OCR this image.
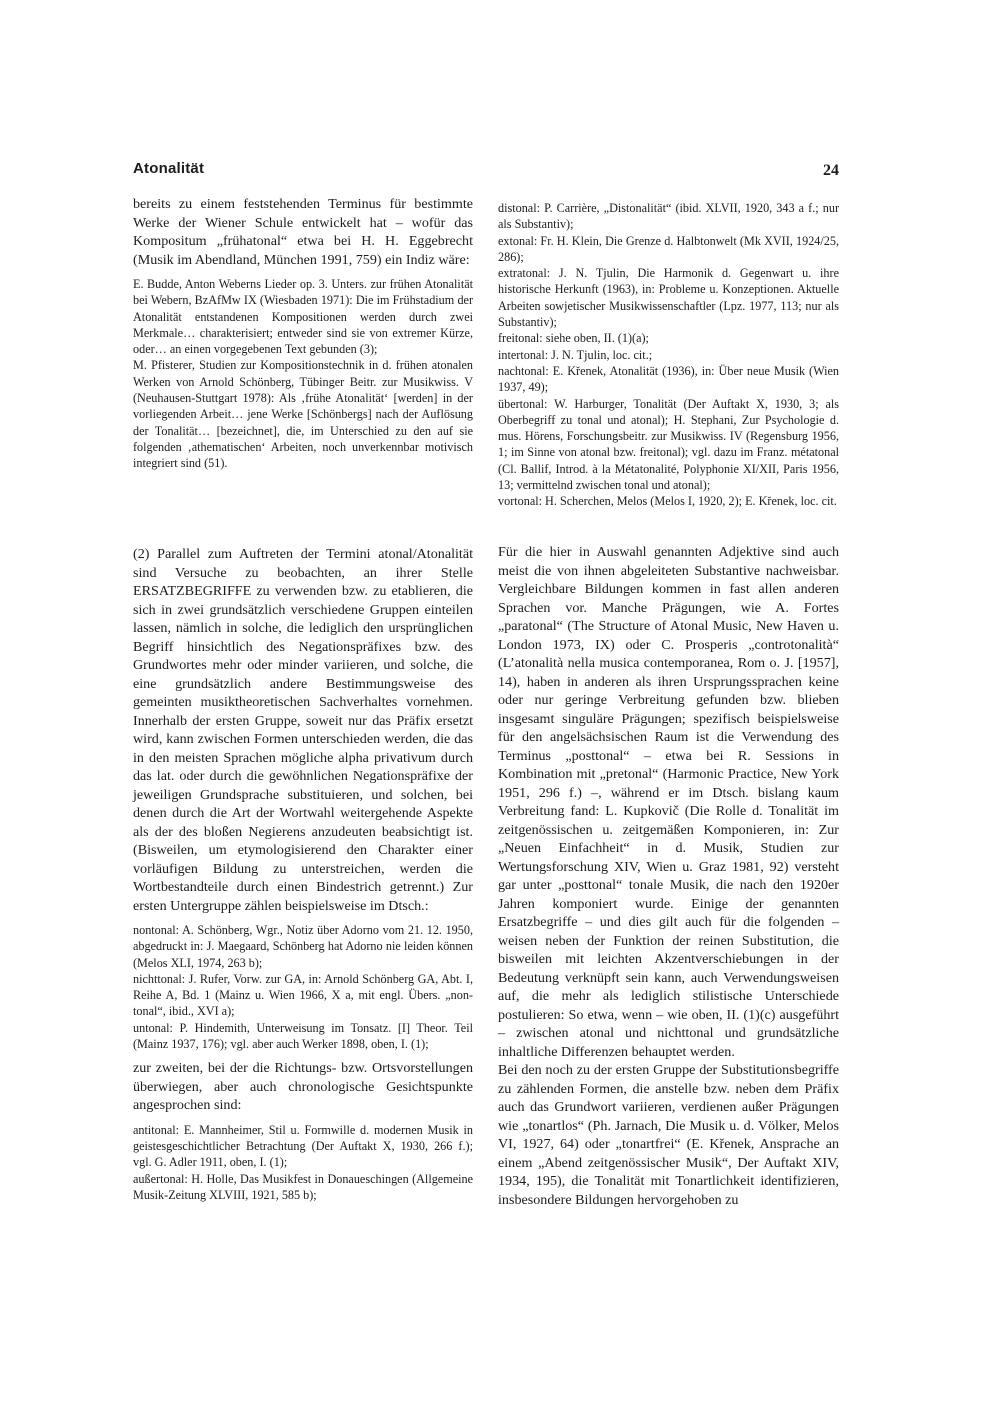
Atonalität	24

bereits zu einem feststehenden Terminus für bestimmte Werke der Wiener Schule entwickelt hat – wofür das Kompositum „frühatonal“ etwa bei H. H. Eggebrecht (Musik im Abendland, München 1991, 759) ein Indiz wäre:

E. Budde, Anton Weberns Lieder op. 3. Unters. zur frühen Atonalität bei Webern, BzAfMw IX (Wiesbaden 1971): Die im Frühstadium der Atonalität entstandenen Kompositionen werden durch zwei Merkmale… charakterisiert; entweder sind sie von extremer Kürze, oder… an einen vorgegebenen Text gebunden (3);

M. Pfisterer, Studien zur Kompositionstechnik in d. frühen atonalen Werken von Arnold Schönberg, Tübinger Beitr. zur Musikwiss. V (Neuhausen-Stuttgart 1978): Als ‚frühe Atonalität‘ [werden] in der vorliegenden Arbeit… jene Werke [Schönbergs] nach der Auflösung der Tonalität… [bezeichnet], die, im Unterschied zu den auf sie folgenden ‚athematischen‘ Arbeiten, noch unverkennbar motivisch integriert sind (51).

(2) Parallel zum Auftreten der Termini atonal/Atonalität sind Versuche zu beobachten, an ihrer Stelle ERSATZBEGRIFFE zu verwenden bzw. zu etablieren, die sich in zwei grundsätzlich verschiedene Gruppen einteilen lassen, nämlich in solche, die lediglich den ursprünglichen Begriff hinsichtlich des Negationspräfixes bzw. des Grundwortes mehr oder minder variieren, und solche, die eine grundsätzlich andere Bestimmungsweise des gemeinten musiktheoretischen Sachverhaltes vornehmen. Innerhalb der ersten Gruppe, soweit nur das Präfix ersetzt wird, kann zwischen Formen unterschieden werden, die das in den meisten Sprachen mögliche alpha privativum durch das lat. oder durch die gewöhnlichen Negationspräfixe der jeweiligen Grundsprache substituieren, und solchen, bei denen durch die Art der Wortwahl weitergehende Aspekte als der des bloßen Negierens anzudeuten beabsichtigt ist. (Bisweilen, um etymologisierend den Charakter einer vorläufigen Bildung zu unterstreichen, werden die Wortbestandteile durch einen Bindestrich getrennt.) Zur ersten Untergruppe zählen beispielsweise im Dtsch.:

nontonal: A. Schönberg, Wgr., Notiz über Adorno vom 21. 12. 1950, abgedruckt in: J. Maegaard, Schönberg hat Adorno nie leiden können (Melos XLI, 1974, 263 b);

nichttonal: J. Rufer, Vorw. zur GA, in: Arnold Schönberg GA, Abt. I, Reihe A, Bd. 1 (Mainz u. Wien 1966, X a, mit engl. Übers. „non-tonal“, ibid., XVI a);

untonal: P. Hindemith, Unterweisung im Tonsatz. [I] Theor. Teil (Mainz 1937, 176); vgl. aber auch Werker 1898, oben, I. (1);

zur zweiten, bei der die Richtungs- bzw. Ortsvorstellungen überwiegen, aber auch chronologische Gesichtspunkte angesprochen sind:

antitonal: E. Mannheimer, Stil u. Formwille d. modernen Musik in geistesgeschichtlicher Betrachtung (Der Auftakt X, 1930, 266 f.); vgl. G. Adler 1911, oben, I. (1);

außertonal: H. Holle, Das Musikfest in Donaueschingen (Allgemeine Musik-Zeitung XLVIII, 1921, 585 b);

distonal: P. Carrière, „Distonalität“ (ibid. XLVII, 1920, 343 a f.; nur als Substantiv);

extonal: Fr. H. Klein, Die Grenze d. Halbtonwelt (Mk XVII, 1924/25, 286);

extratonal: J. N. Tjulin, Die Harmonik d. Gegenwart u. ihre historische Herkunft (1963), in: Probleme u. Konzeptionen. Aktuelle Arbeiten sowjetischer Musikwissenschaftler (Lpz. 1977, 113; nur als Substantiv);

freitonal: siehe oben, II. (1)(a);

intertonal: J. N. Tjulin, loc. cit.;

nachtonal: E. Křenek, Atonalität (1936), in: Über neue Musik (Wien 1937, 49);

übertonal: W. Harburger, Tonalität (Der Auftakt X, 1930, 3; als Oberbegriff zu tonal und atonal); H. Stephani, Zur Psychologie d. mus. Hörens, Forschungsbeitr. zur Musikwiss. IV (Regensburg 1956, 1; im Sinne von atonal bzw. freitonal); vgl. dazu im Franz. métatonal (Cl. Ballif, Introd. à la Métatonalité, Polyphonie XI/XII, Paris 1956, 13; vermittelnd zwischen tonal und atonal);

vortonal: H. Scherchen, Melos (Melos I, 1920, 2); E. Křenek, loc. cit.

Für die hier in Auswahl genannten Adjektive sind auch meist die von ihnen abgeleiteten Substantive nachweisbar. Vergleichbare Bildungen kommen in fast allen anderen Sprachen vor. Manche Prägungen, wie A. Fortes „paratonal“ (The Structure of Atonal Music, New Haven u. London 1973, IX) oder C. Prosperis „controtonalità“ (L’atonalità nella musica contemporanea, Rom o. J. [1957], 14), haben in anderen als ihren Ursprungssprachen keine oder nur geringe Verbreitung gefunden bzw. blieben insgesamt singuläre Prägungen; spezifisch beispielsweise für den angelsächsischen Raum ist die Verwendung des Terminus „posttonal“ – etwa bei R. Sessions in Kombination mit „pretonal“ (Harmonic Practice, New York 1951, 296 f.) –, während er im Dtsch. bislang kaum Verbreitung fand: L. Kupkovič (Die Rolle d. Tonalität im zeitgenössischen u. zeitgemäßen Komponieren, in: Zur „Neuen Einfachheit“ in d. Musik, Studien zur Wertungsforschung XIV, Wien u. Graz 1981, 92) versteht gar unter „posttonal“ tonale Musik, die nach den 1920er Jahren komponiert wurde. Einige der genannten Ersatzbegriffe – und dies gilt auch für die folgenden – weisen neben der Funktion der reinen Substitution, die bisweilen mit leichten Akzentverschiebungen in der Bedeutung verknüpft sein kann, auch Verwendungsweisen auf, die mehr als lediglich stilistische Unterschiede postulieren: So etwa, wenn – wie oben, II. (1)(c) ausgeführt – zwischen atonal und nichttonal und grundsätzliche inhaltliche Differenzen behauptet werden.

Bei den noch zu der ersten Gruppe der Substitutionsbegriffe zu zählenden Formen, die anstelle bzw. neben dem Präfix auch das Grundwort variieren, verdienen außer Prägungen wie „tonartlos“ (Ph. Jarnach, Die Musik u. d. Völker, Melos VI, 1927, 64) oder „tonartfrei“ (E. Křenek, Ansprache an einem „Abend zeitgenössischer Musik“, Der Auftakt XIV, 1934, 195), die Tonalität mit Tonartlichkeit identifizieren, insbesondere Bildungen hervorgehoben zu
